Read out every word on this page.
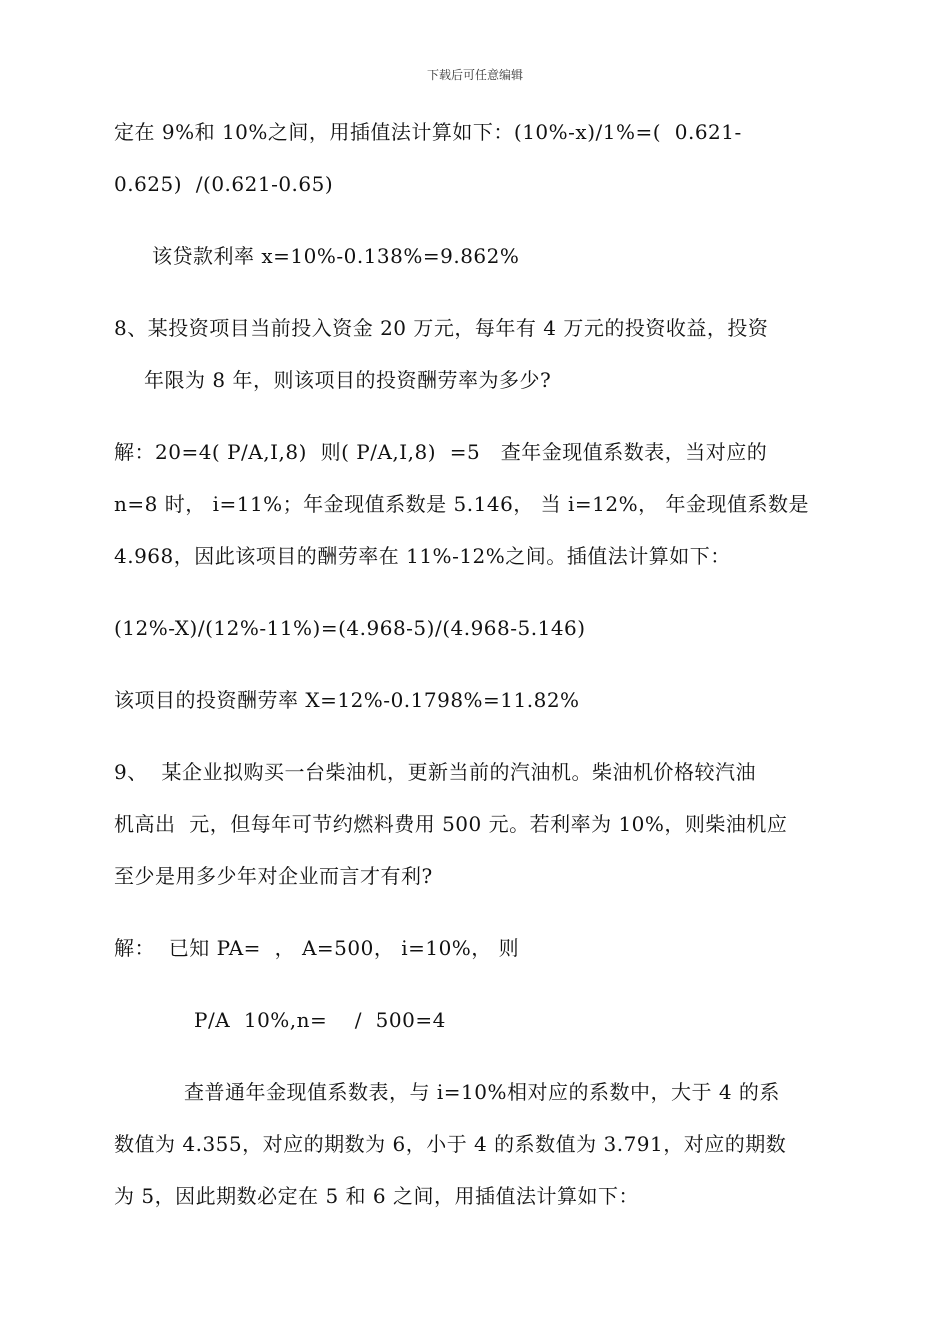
下载后可任意编辑
定在 9%和 10%之间，用插值法计算如下：(10%-x)/1%=(  0.621-
0.625)  /(0.621-0.65)
该贷款利率 x=10%-0.138%=9.862%
8、某投资项目当前投入资金 20 万元，每年有 4 万元的投资收益，投资
年限为 8 年，则该项目的投资酬劳率为多少?
解：20=4( P/A,I,8)  则( P/A,I,8)  =5   查年金现值系数表，当对应的
n=8 时， i=11%；年金现值系数是 5.146， 当 i=12%， 年金现值系数是
4.968，因此该项目的酬劳率在 11%-12%之间。插值法计算如下：
(12%-X)/(12%-11%)=(4.968-5)/(4.968-5.146)
该项目的投资酬劳率 X=12%-0.1798%=11.82%
9、  某企业拟购买一台柴油机，更新当前的汽油机。柴油机价格较汽油
机高出  元，但每年可节约燃料费用 500 元。若利率为 10%，则柴油机应
至少是用多少年对企业而言才有利?
解：  已知 PA=  ， A=500， i=10%， 则
P/A  10%,n=    /  500=4
查普通年金现值系数表，与 i=10%相对应的系数中，大于 4 的系
数值为 4.355，对应的期数为 6，小于 4 的系数值为 3.791，对应的期数
为 5，因此期数必定在 5 和 6 之间，用插值法计算如下：
